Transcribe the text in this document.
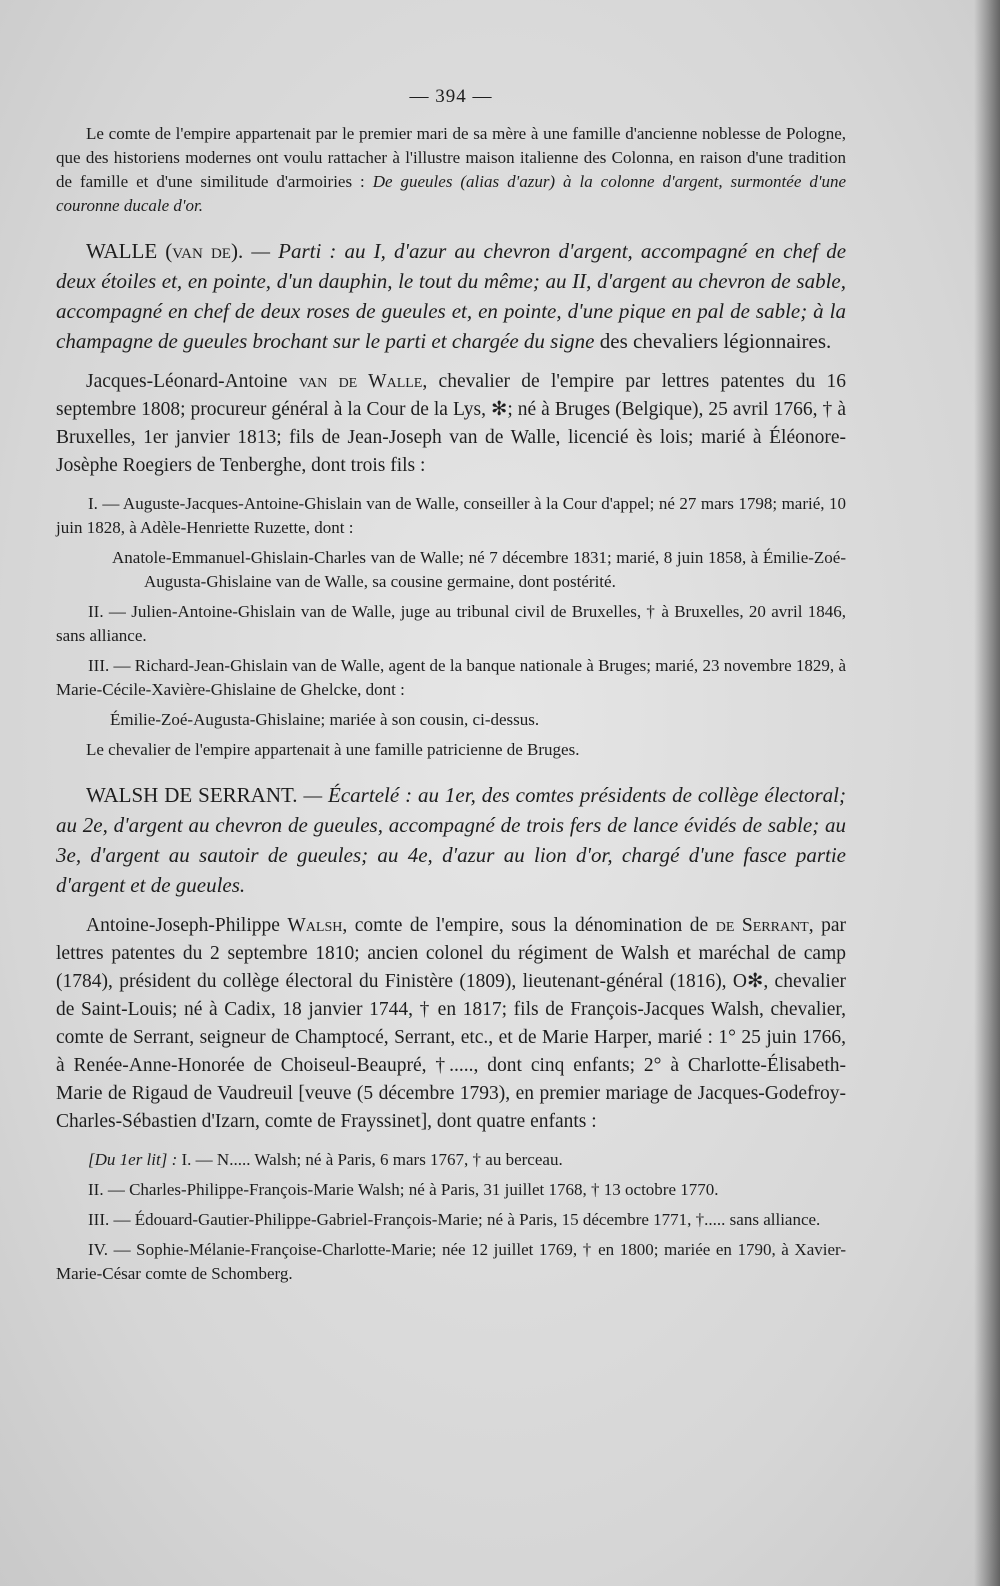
— 394 —

Le comte de l'empire appartenait par le premier mari de sa mère à une famille d'ancienne noblesse de Pologne, que des historiens modernes ont voulu rattacher à l'illustre maison italienne des Colonna, en raison d'une tradition de famille et d'une similitude d'armoiries : De gueules (alias d'azur) à la colonne d'argent, surmontée d'une couronne ducale d'or.

WALLE (van de). — Parti : au I, d'azur au chevron d'argent, accompagné en chef de deux étoiles et, en pointe, d'un dauphin, le tout du même; au II, d'argent au chevron de sable, accompagné en chef de deux roses de gueules et, en pointe, d'une pique en pal de sable; à la champagne de gueules brochant sur le parti et chargée du signe des chevaliers légionnaires.

Jacques-Léonard-Antoine van de Walle, chevalier de l'empire par lettres patentes du 16 septembre 1808; procureur général à la Cour de la Lys, ✻; né à Bruges (Belgique), 25 avril 1766, † à Bruxelles, 1er janvier 1813; fils de Jean-Joseph van de Walle, licencié ès lois; marié à Éléonore-Josèphe Roegiers de Tenberghe, dont trois fils :

I. — Auguste-Jacques-Antoine-Ghislain van de Walle, conseiller à la Cour d'appel; né 27 mars 1798; marié, 10 juin 1828, à Adèle-Henriette Ruzette, dont :

Anatole-Emmanuel-Ghislain-Charles van de Walle; né 7 décembre 1831; marié, 8 juin 1858, à Émilie-Zoé-Augusta-Ghislaine van de Walle, sa cousine germaine, dont postérité.

II. — Julien-Antoine-Ghislain van de Walle, juge au tribunal civil de Bruxelles, † à Bruxelles, 20 avril 1846, sans alliance.

III. — Richard-Jean-Ghislain van de Walle, agent de la banque nationale à Bruges; marié, 23 novembre 1829, à Marie-Cécile-Xavière-Ghislaine de Ghelcke, dont :

Émilie-Zoé-Augusta-Ghislaine; mariée à son cousin, ci-dessus.

Le chevalier de l'empire appartenait à une famille patricienne de Bruges.

WALSH DE SERRANT. — Écartelé : au 1er, des comtes présidents de collège électoral; au 2e, d'argent au chevron de gueules, accompagné de trois fers de lance évidés de sable; au 3e, d'argent au sautoir de gueules; au 4e, d'azur au lion d'or, chargé d'une fasce partie d'argent et de gueules.

Antoine-Joseph-Philippe Walsh, comte de l'empire, sous la dénomination de de Serrant, par lettres patentes du 2 septembre 1810; ancien colonel du régiment de Walsh et maréchal de camp (1784), président du collège électoral du Finistère (1809), lieutenant-général (1816), O✻, chevalier de Saint-Louis; né à Cadix, 18 janvier 1744, † en 1817; fils de François-Jacques Walsh, chevalier, comte de Serrant, seigneur de Champtocé, Serrant, etc., et de Marie Harper, marié : 1° 25 juin 1766, à Renée-Anne-Honorée de Choiseul-Beaupré, †....., dont cinq enfants; 2° à Charlotte-Élisabeth-Marie de Rigaud de Vaudreuil [veuve (5 décembre 1793), en premier mariage de Jacques-Godefroy-Charles-Sébastien d'Izarn, comte de Frayssinet], dont quatre enfants :

[Du 1er lit] : I. — N..... Walsh; né à Paris, 6 mars 1767, † au berceau.

II. — Charles-Philippe-François-Marie Walsh; né à Paris, 31 juillet 1768, † 13 octobre 1770.

III. — Édouard-Gautier-Philippe-Gabriel-François-Marie; né à Paris, 15 décembre 1771, †..... sans alliance.

IV. — Sophie-Mélanie-Françoise-Charlotte-Marie; née 12 juillet 1769, † en 1800; mariée en 1790, à Xavier-Marie-César comte de Schomberg.
